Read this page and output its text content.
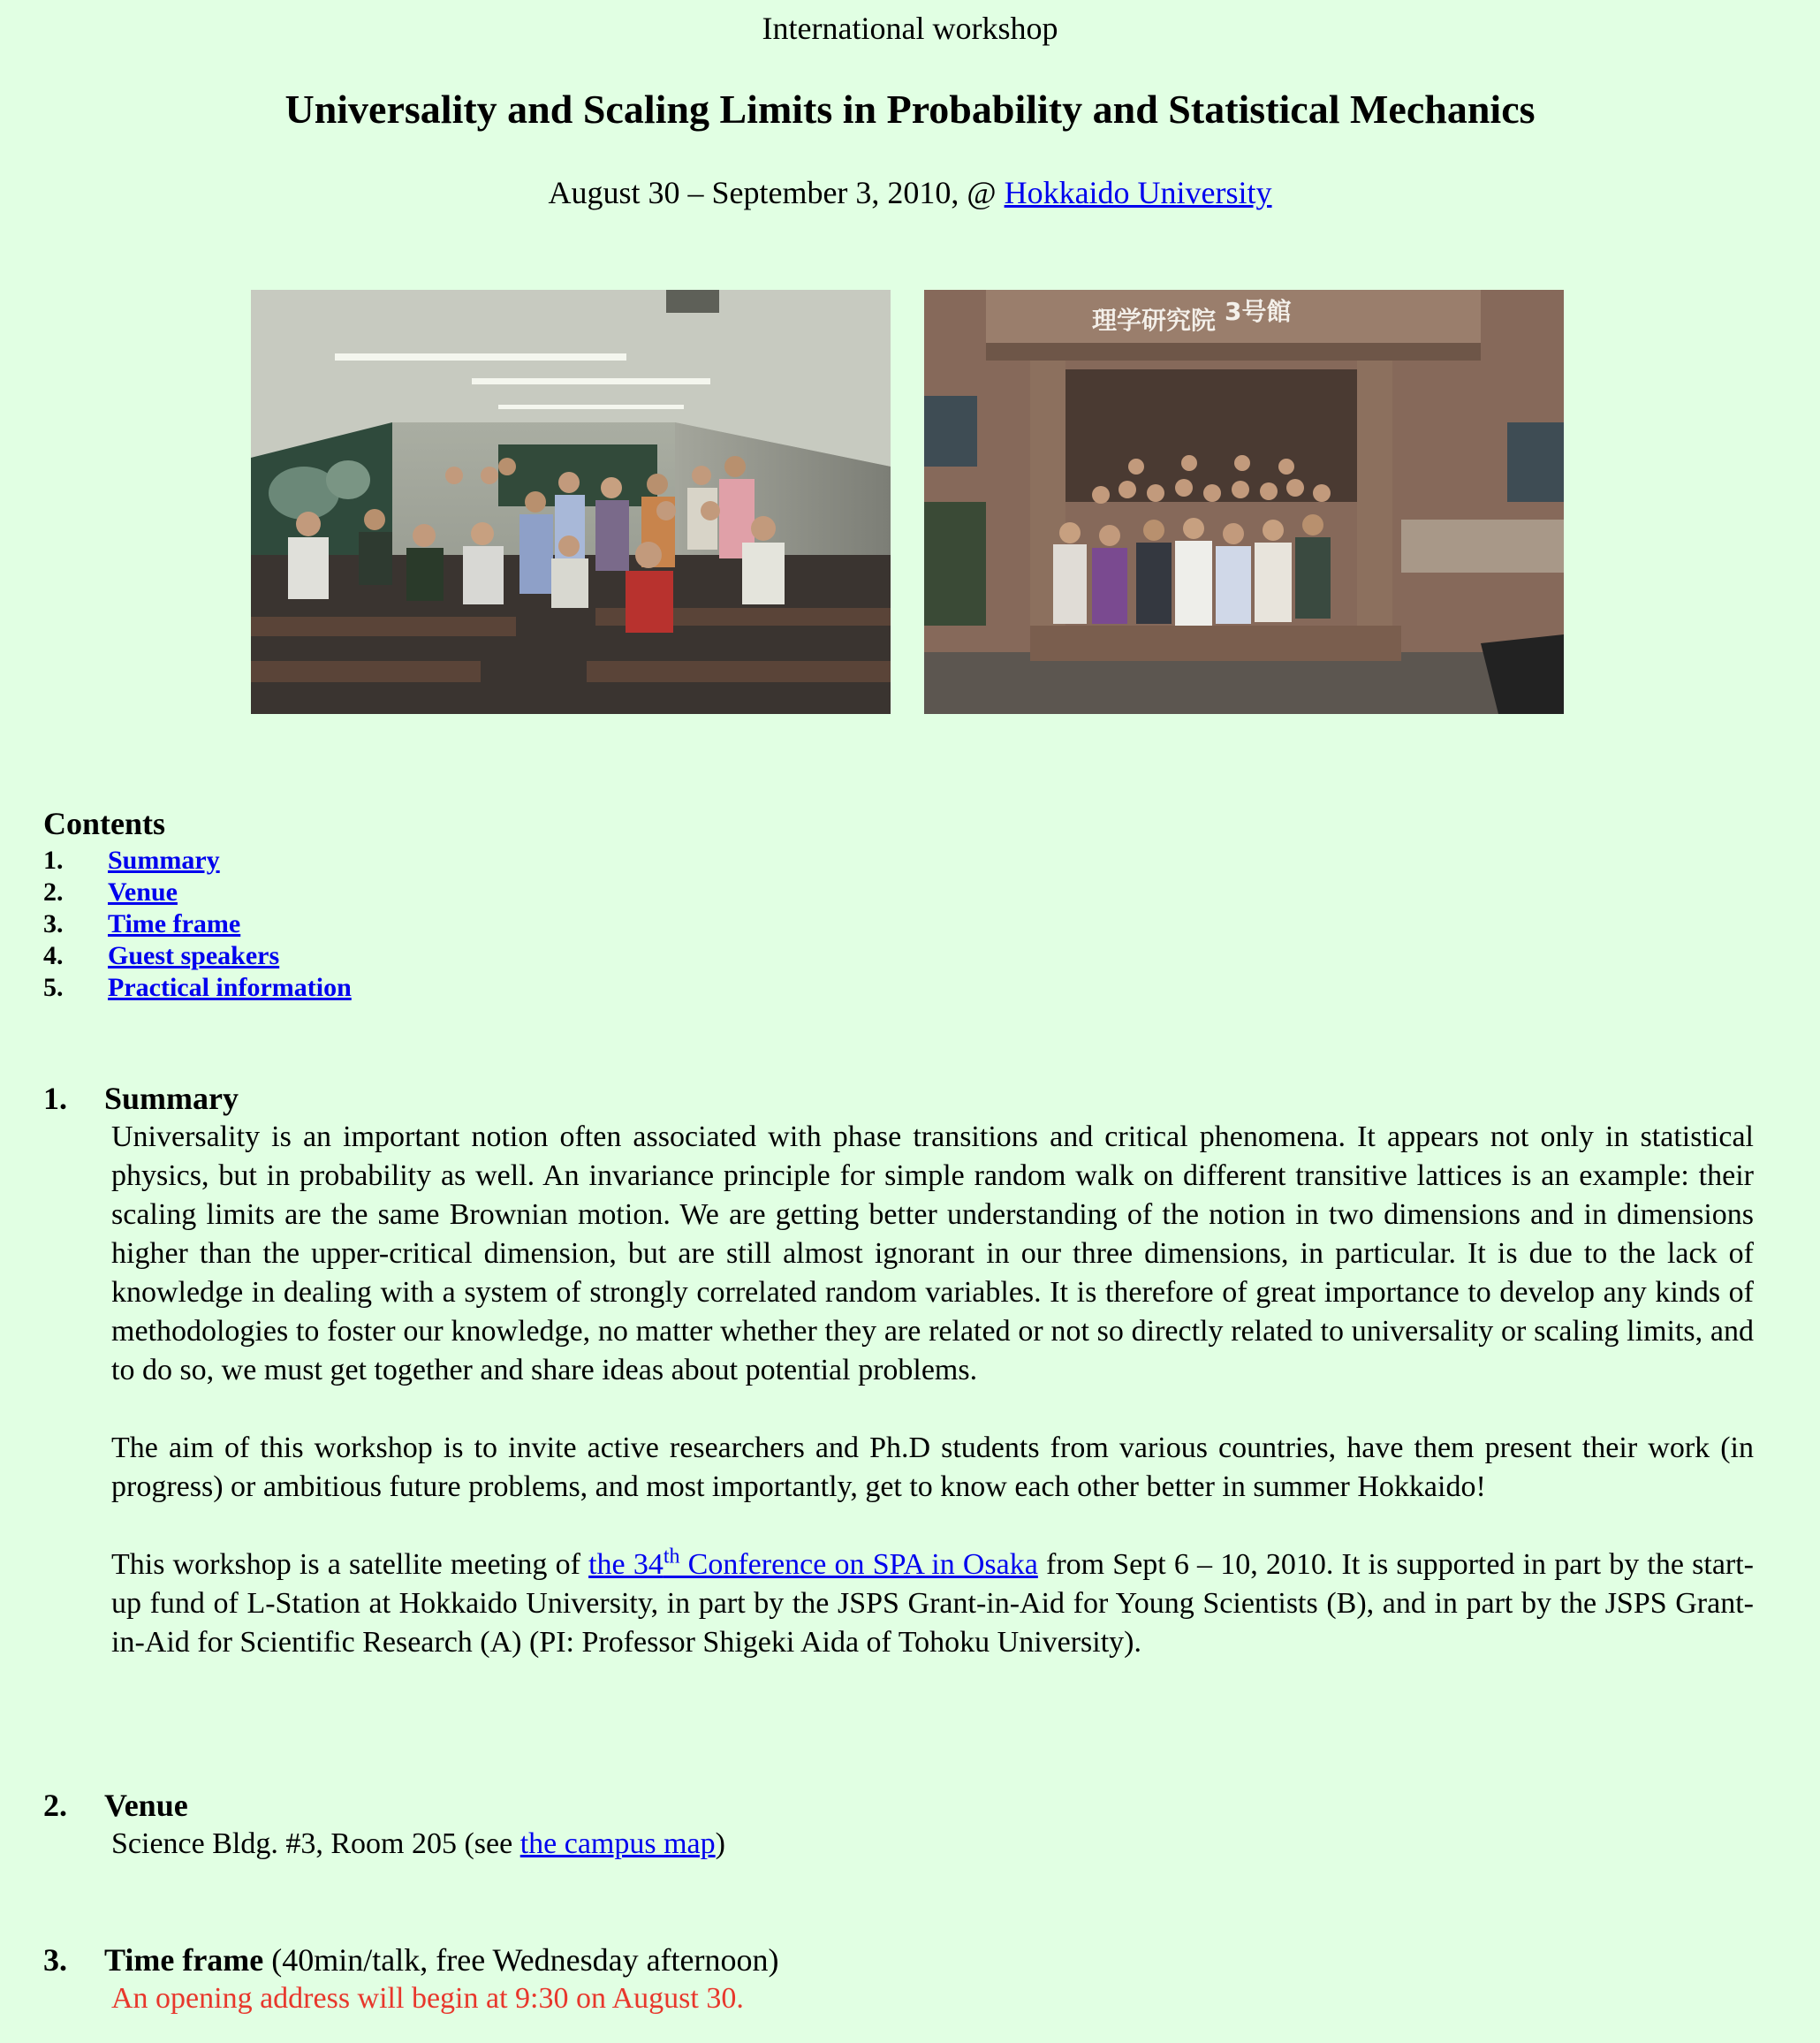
International workshop
Universality and Scaling Limits in Probability and Statistical Mechanics
August 30 – September 3, 2010, @ Hokkaido University
理学研究院 3号館
Contents
1.	Summary
2.	Venue
3.	Time frame
4.	Guest speakers
5.	Practical information
1. Summary

Universality is an important notion often associated with phase transitions and critical phenomena. It appears not only in statistical physics, but in probability as well. An invariance principle for simple random walk on different transitive lattices is an example: their scaling limits are the same Brownian motion. We are getting better understanding of the notion in two dimensions and in dimensions higher than the upper-critical dimension, but are still almost ignorant in our three dimensions, in particular. It is due to the lack of knowledge in dealing with a system of strongly correlated random variables. It is therefore of great importance to develop any kinds of methodologies to foster our knowledge, no matter whether they are related or not so directly related to universality or scaling limits, and to do so, we must get together and share ideas about potential problems.

The aim of this workshop is to invite active researchers and Ph.D students from various countries, have them present their work (in progress) or ambitious future problems, and most importantly, get to know each other better in summer Hokkaido!

This workshop is a satellite meeting of the 34th Conference on SPA in Osaka from Sept 6 – 10, 2010. It is supported in part by the start-up fund of L-Station at Hokkaido University, in part by the JSPS Grant-in-Aid for Young Scientists (B), and in part by the JSPS Grant-in-Aid for Scientific Research (A) (PI: Professor Shigeki Aida of Tohoku University).

2. Venue

Science Bldg. #3, Room 205 (see the campus map)

3. Time frame (40min/talk, free Wednesday afternoon)

An opening address will begin at 9:30 on August 30.
